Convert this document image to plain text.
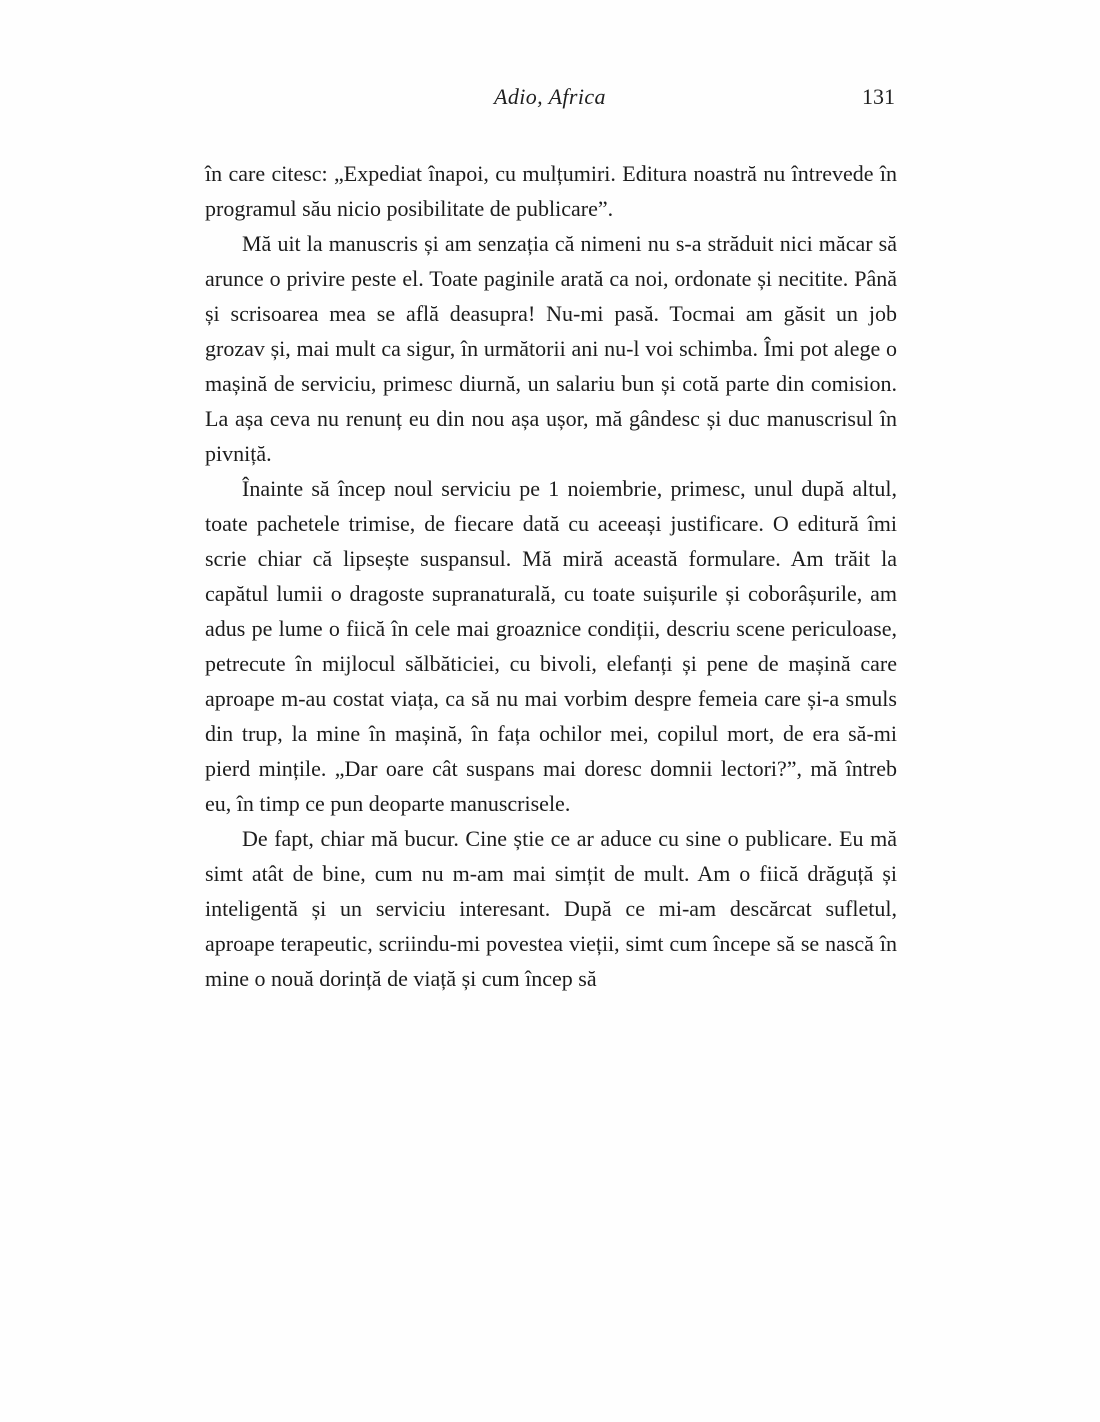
Adio, Africa	131

în care citesc: „Expediat înapoi, cu mulțumiri. Editura noastră nu întrevede în programul său nicio posibilitate de publicare”.

Mă uit la manuscris și am senzația că nimeni nu s-a străduit nici măcar să arunce o privire peste el. Toate paginile arată ca noi, ordonate și necitite. Până și scrisoarea mea se află deasupra! Nu-mi pasă. Tocmai am găsit un job grozav și, mai mult ca sigur, în următorii ani nu-l voi schimba. Îmi pot alege o mașină de serviciu, primesc diurnă, un salariu bun și cotă parte din comision. La așa ceva nu renunț eu din nou așa ușor, mă gândesc și duc manuscrisul în pivniță.

Înainte să încep noul serviciu pe 1 noiembrie, primesc, unul după altul, toate pachetele trimise, de fiecare dată cu aceeași justificare. O editură îmi scrie chiar că lipsește suspansul. Mă miră această formulare. Am trăit la capătul lumii o dragoste supranaturală, cu toate suișurile și coborâșurile, am adus pe lume o fiică în cele mai groaznice condiții, descriu scene periculoase, petrecute în mijlocul sălbăticiei, cu bivoli, elefanți și pene de mașină care aproape m-au costat viața, ca să nu mai vorbim despre femeia care și-a smuls din trup, la mine în mașină, în fața ochilor mei, copilul mort, de era să-mi pierd mințile. „Dar oare cât suspans mai doresc domnii lectori?”, mă întreb eu, în timp ce pun deoparte manuscrisele.

De fapt, chiar mă bucur. Cine știe ce ar aduce cu sine o publicare. Eu mă simt atât de bine, cum nu m-am mai simțit de mult. Am o fiică drăguță și inteligentă și un serviciu interesant. După ce mi-am descărcat sufletul, aproape terapeutic, scriindu-mi povestea vieții, simt cum începe să se nască în mine o nouă dorință de viață și cum încep să
